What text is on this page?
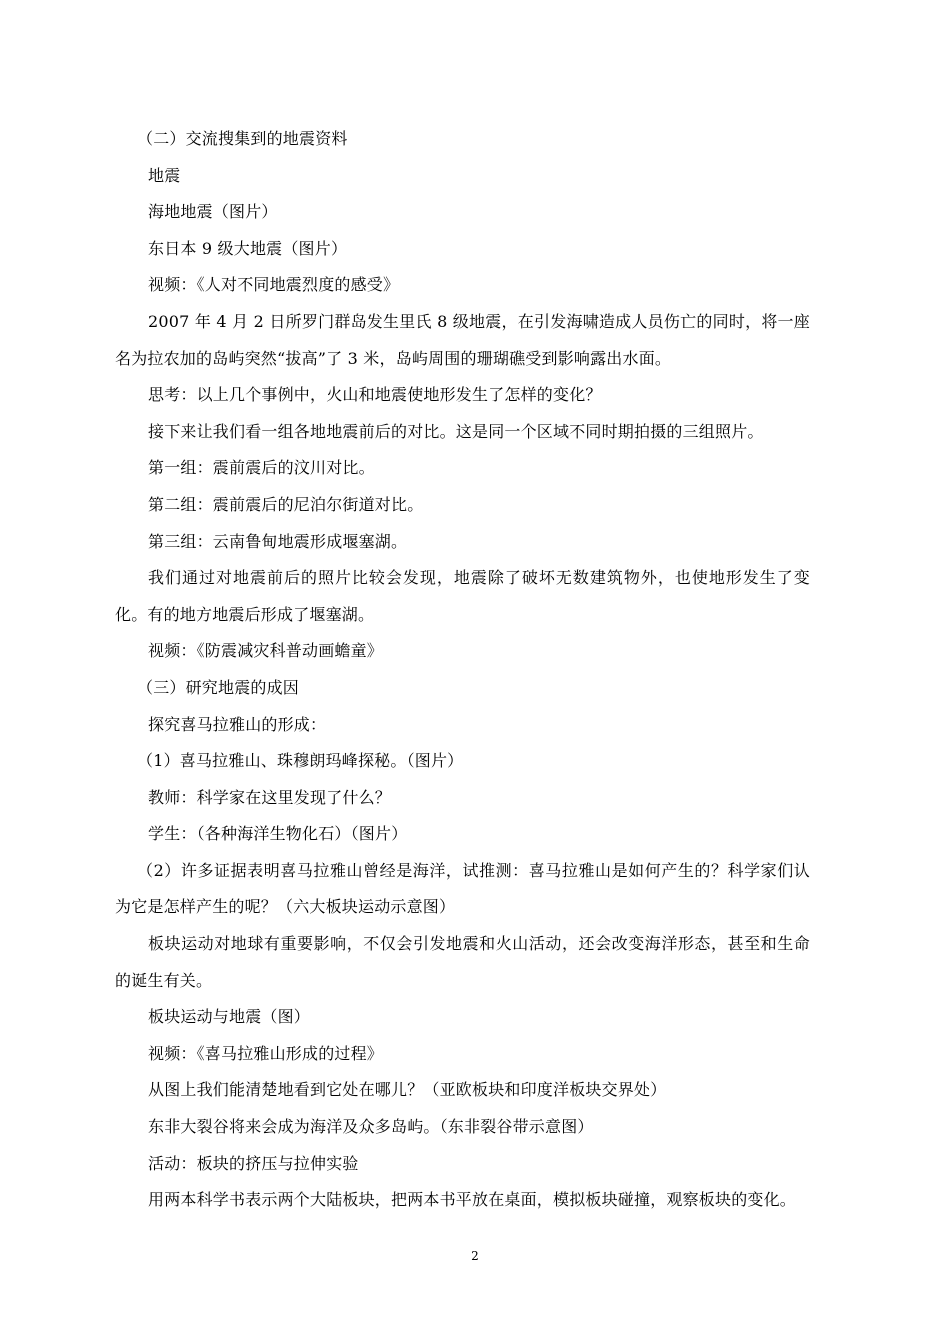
（二）交流搜集到的地震资料

地震

海地地震（图片）

东日本 9 级大地震（图片）

视频：《人对不同地震烈度的感受》

2007 年 4 月 2 日所罗门群岛发生里氏 8 级地震，在引发海啸造成人员伤亡的同时，将一座名为拉农加的岛屿突然“拔高”了 3 米，岛屿周围的珊瑚礁受到影响露出水面。

思考：以上几个事例中，火山和地震使地形发生了怎样的变化？

接下来让我们看一组各地地震前后的对比。这是同一个区域不同时期拍摄的三组照片。

第一组：震前震后的汶川对比。

第二组：震前震后的尼泊尔街道对比。

第三组：云南鲁甸地震形成堰塞湖。

我们通过对地震前后的照片比较会发现，地震除了破坏无数建筑物外，也使地形发生了变化。有的地方地震后形成了堰塞湖。

视频：《防震减灾科普动画蟾童》

（三）研究地震的成因

探究喜马拉雅山的形成：

（1）喜马拉雅山、珠穆朗玛峰探秘。（图片）

教师：科学家在这里发现了什么？

学生：（各种海洋生物化石）（图片）

（2）许多证据表明喜马拉雅山曾经是海洋，试推测：喜马拉雅山是如何产生的？科学家们认为它是怎样产生的呢？（六大板块运动示意图）

板块运动对地球有重要影响，不仅会引发地震和火山活动，还会改变海洋形态，甚至和生命的诞生有关。

板块运动与地震（图）

视频：《喜马拉雅山形成的过程》

从图上我们能清楚地看到它处在哪儿？（亚欧板块和印度洋板块交界处）

东非大裂谷将来会成为海洋及众多岛屿。（东非裂谷带示意图）

活动：板块的挤压与拉伸实验

用两本科学书表示两个大陆板块，把两本书平放在桌面，模拟板块碰撞，观察板块的变化。

2
